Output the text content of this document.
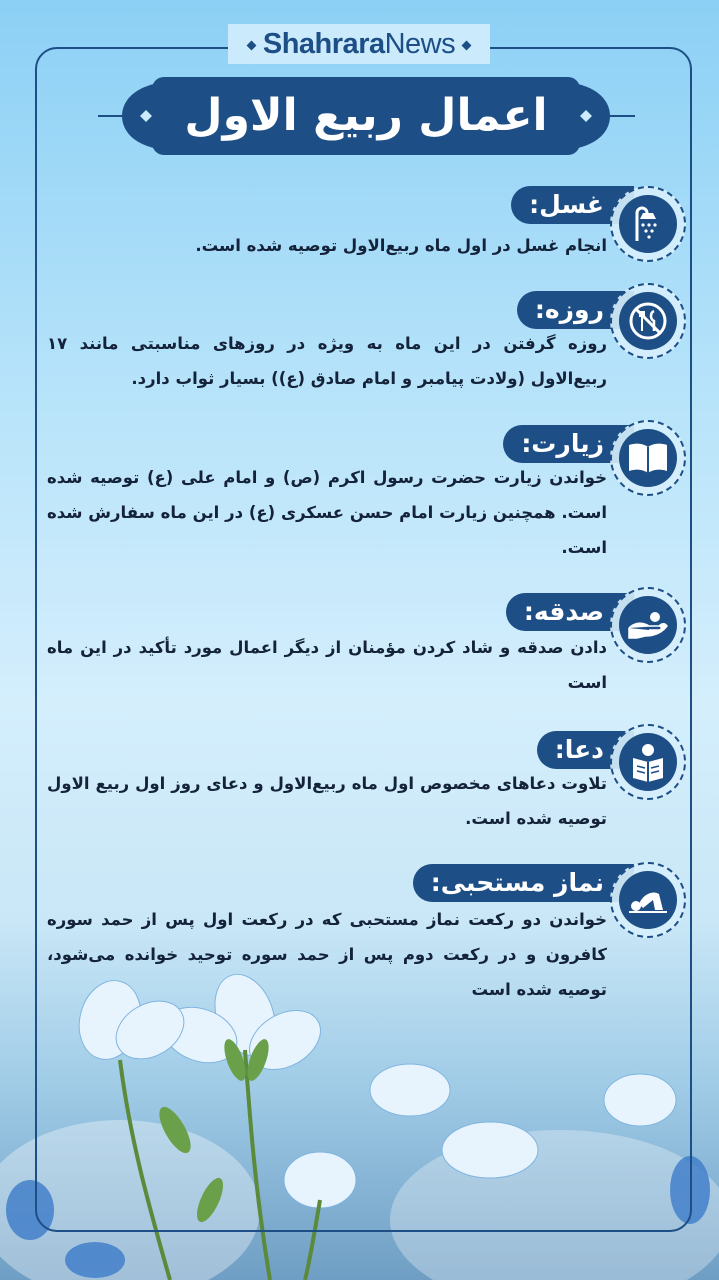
ShahraraNews
اعمال ربیع الاول
غسل:
انجام غسل در اول ماه ربیع‌الاول توصیه شده است.
روزه:
روزه گرفتن در این ماه به ویژه در روزهای مناسبتی مانند ۱۷ ربیع‌الاول (ولادت پیامبر و امام صادق (ع)) بسیار ثواب دارد.
زیارت:
خواندن زیارت حضرت رسول اکرم (ص) و امام علی (ع) توصیه شده است. همچنین زیارت امام حسن عسکری (ع) در این ماه سفارش شده است.
صدقه:
دادن صدقه و شاد کردن مؤمنان از دیگر اعمال مورد تأکید در این ماه است
دعا:
تلاوت دعاهای مخصوص اول ماه ربیع‌الاول و دعای روز اول ربیع الاول توصیه شده است.
نماز مستحبی:
خواندن دو رکعت نماز مستحبی که در رکعت اول پس از حمد سوره کافرون و در رکعت دوم پس از حمد سوره توحید خوانده می‌شود، توصیه شده است
